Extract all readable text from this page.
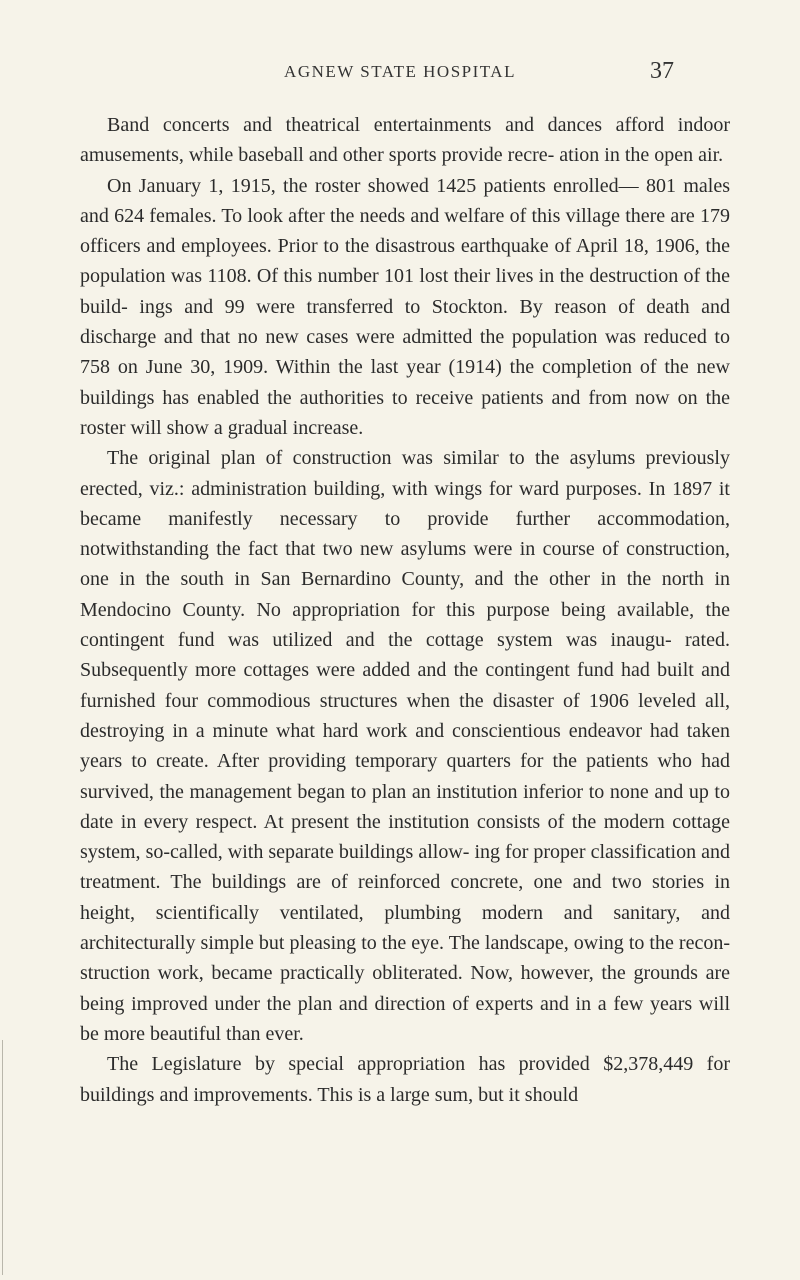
AGNEW STATE HOSPITAL	37

Band concerts and theatrical entertainments and dances afford indoor amusements, while baseball and other sports provide recre- ation in the open air.

On January 1, 1915, the roster showed 1425 patients enrolled— 801 males and 624 females. To look after the needs and welfare of this village there are 179 officers and employees. Prior to the disastrous earthquake of April 18, 1906, the population was 1108. Of this number 101 lost their lives in the destruction of the build- ings and 99 were transferred to Stockton. By reason of death and discharge and that no new cases were admitted the population was reduced to 758 on June 30, 1909. Within the last year (1914) the completion of the new buildings has enabled the authorities to receive patients and from now on the roster will show a gradual increase.

The original plan of construction was similar to the asylums previously erected, viz.: administration building, with wings for ward purposes. In 1897 it became manifestly necessary to provide further accommodation, notwithstanding the fact that two new asylums were in course of construction, one in the south in San Bernardino County, and the other in the north in Mendocino County. No appropriation for this purpose being available, the contingent fund was utilized and the cottage system was inaugu- rated. Subsequently more cottages were added and the contingent fund had built and furnished four commodious structures when the disaster of 1906 leveled all, destroying in a minute what hard work and conscientious endeavor had taken years to create. After providing temporary quarters for the patients who had survived, the management began to plan an institution inferior to none and up to date in every respect. At present the institution consists of the modern cottage system, so-called, with separate buildings allow- ing for proper classification and treatment. The buildings are of reinforced concrete, one and two stories in height, scientifically ventilated, plumbing modern and sanitary, and architecturally simple but pleasing to the eye. The landscape, owing to the recon- struction work, became practically obliterated. Now, however, the grounds are being improved under the plan and direction of experts and in a few years will be more beautiful than ever.

The Legislature by special appropriation has provided $2,378,449 for buildings and improvements. This is a large sum, but it should
